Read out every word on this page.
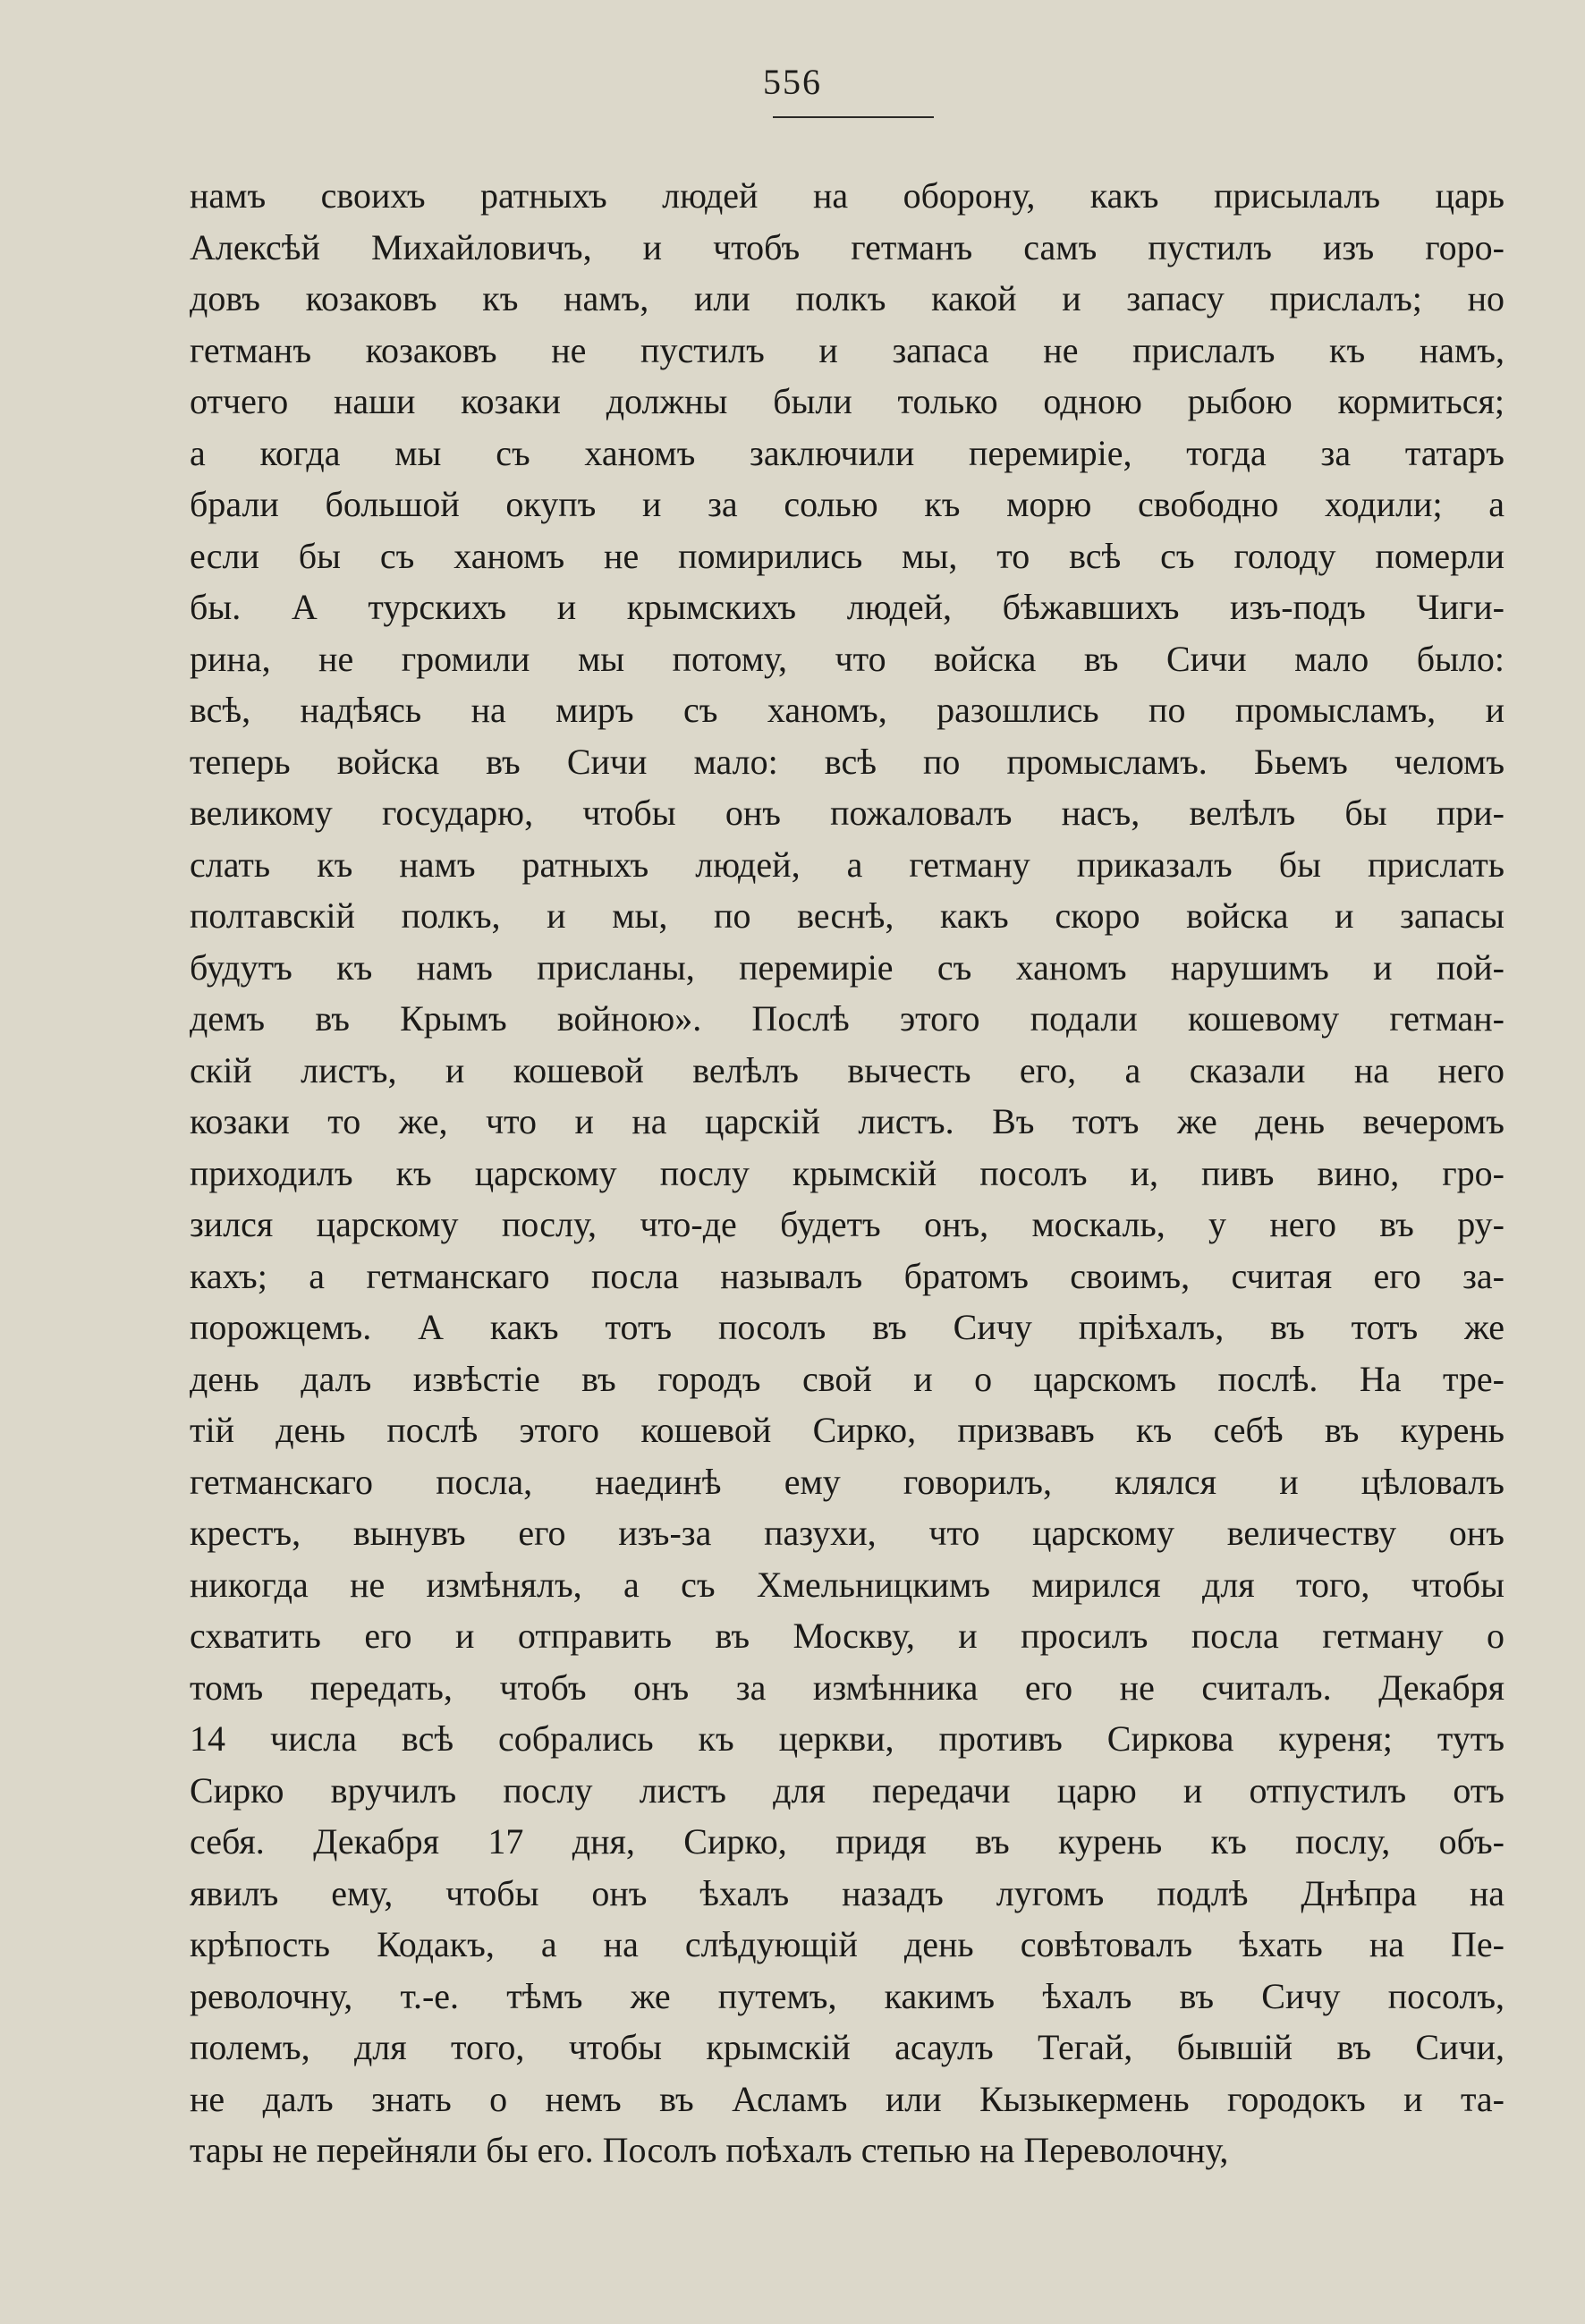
556
намъ своихъ ратныхъ людей на оборону, какъ присылалъ царь
Алексѣй Михайловичъ, и чтобъ гетманъ самъ пустилъ изъ горо-
довъ козаковъ къ намъ, или полкъ какой и запасу прислалъ; но
гетманъ козаковъ не пустилъ и запаса не прислалъ къ намъ,
отчего наши козаки должны были только одною рыбою кормиться;
а когда мы съ ханомъ заключили перемиріе, тогда за татаръ
брали большой окупъ и за солью къ морю свободно ходили; а
если бы съ ханомъ не помирились мы, то всѣ съ голоду померли
бы. А турскихъ и крымскихъ людей, бѣжавшихъ изъ-подъ Чиги-
рина, не громили мы потому, что войска въ Сичи мало было:
всѣ, надѣясь на миръ съ ханомъ, разошлись по промысламъ, и
теперь войска въ Сичи мало: всѣ по промысламъ. Бьемъ челомъ
великому государю, чтобы онъ пожаловалъ насъ, велѣлъ бы при-
слать къ намъ ратныхъ людей, а гетману приказалъ бы прислать
полтавскій полкъ, и мы, по веснѣ, какъ скоро войска и запасы
будутъ къ намъ присланы, перемиріе съ ханомъ нарушимъ и пой-
демъ въ Крымъ войною». Послѣ этого подали кошевому гетман-
скій листъ, и кошевой велѣлъ вычесть его, а сказали на него
козаки то же, что и на царскій листъ. Въ тотъ же день вечеромъ
приходилъ къ царскому послу крымскій посолъ и, пивъ вино, гро-
зился царскому послу, что-де будетъ онъ, москаль, у него въ ру-
кахъ; а гетманскаго посла называлъ братомъ своимъ, считая его за-
порожцемъ. А какъ тотъ посолъ въ Сичу пріѣхалъ, въ тотъ же
день далъ извѣстіе въ городъ свой и о царскомъ послѣ. На тре-
тій день послѣ этого кошевой Сирко, призвавъ къ себѣ въ курень
гетманскаго посла, наединѣ ему говорилъ, клялся и цѣловалъ
крестъ, вынувъ его изъ-за пазухи, что царскому величеству онъ
никогда не измѣнялъ, а съ Хмельницкимъ мирился для того, чтобы
схватить его и отправить въ Москву, и просилъ посла гетману о
томъ передать, чтобъ онъ за измѣнника его не считалъ. Декабря
14 числа всѣ собрались къ церкви, противъ Сиркова куреня; тутъ
Сирко вручилъ послу листъ для передачи царю и отпустилъ отъ
себя. Декабря 17 дня, Сирко, придя въ курень къ послу, объ-
явилъ ему, чтобы онъ ѣхалъ назадъ лугомъ подлѣ Днѣпра на
крѣпость Кодакъ, а на слѣдующій день совѣтовалъ ѣхать на Пе-
револочну, т.-е. тѣмъ же путемъ, какимъ ѣхалъ въ Сичу посолъ,
полемъ, для того, чтобы крымскій асаулъ Тегай, бывшій въ Сичи,
не далъ знать о немъ въ Асламъ или Кызыкермень городокъ и та-
тары не перейняли бы его. Посолъ поѣхалъ степью на Переволочну,
